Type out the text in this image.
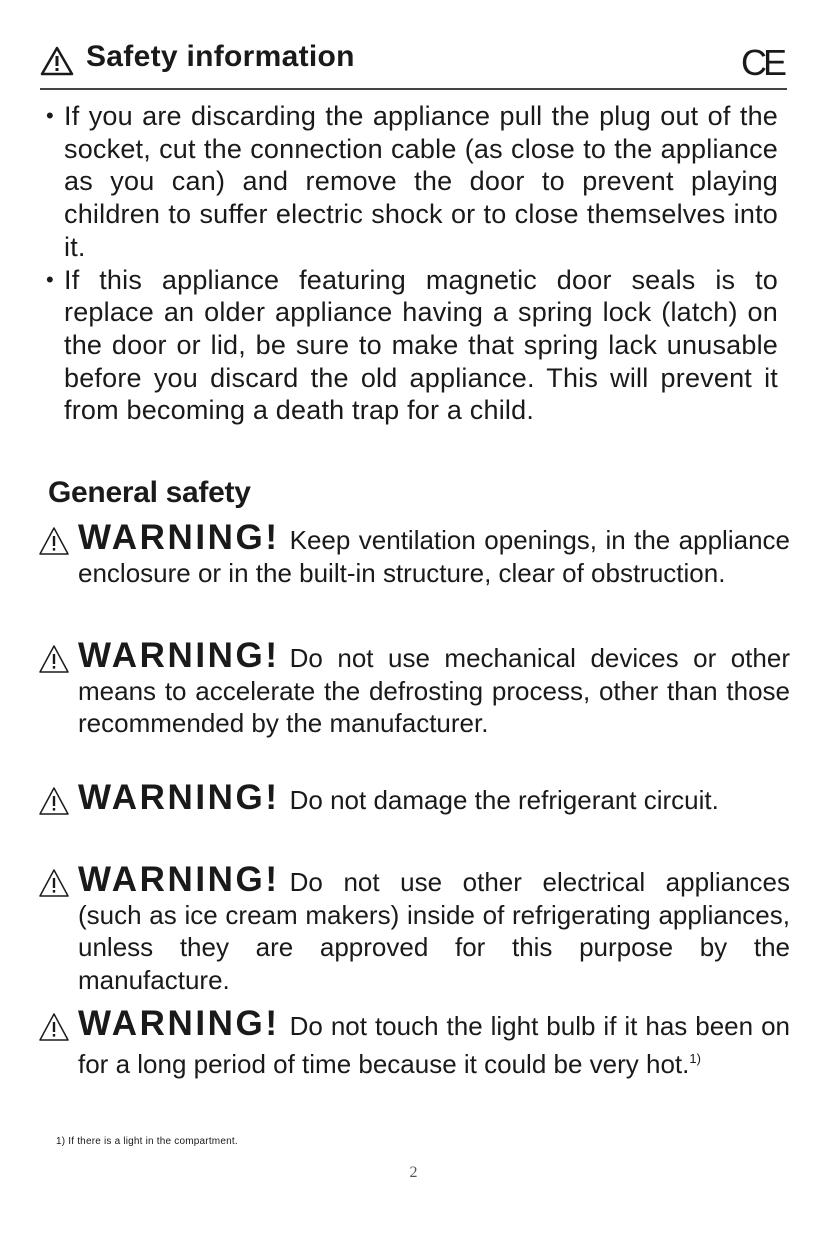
Safety information	CE

• If you are discarding the appliance pull the plug out of the socket, cut the connection cable (as close to the appliance as you can) and remove the door to prevent playing children to suffer electric shock or to close themselves into it.

• If this appliance featuring magnetic door seals is to replace an older appliance having a spring lock (latch) on the door or lid, be sure to make that spring lack unusable before you discard the old appliance. This will prevent it from becoming a death trap for a child.

General safety
WARNING! Keep ventilation openings, in the appliance enclosure or in the built-in structure, clear of obstruction.
WARNING! Do not use mechanical devices or other means to accelerate the defrosting process, other than those recommended by the manufacturer.
WARNING! Do not damage the refrigerant circuit.
WARNING! Do not use other electrical appliances (such as ice cream makers) inside of refrigerating appliances, unless they are approved for this purpose by the manufacture.
WARNING! Do not touch the light bulb if it has been on for a long period of time because it could be very hot.$^{1)}$

1) If there is a light in the compartment.

2
